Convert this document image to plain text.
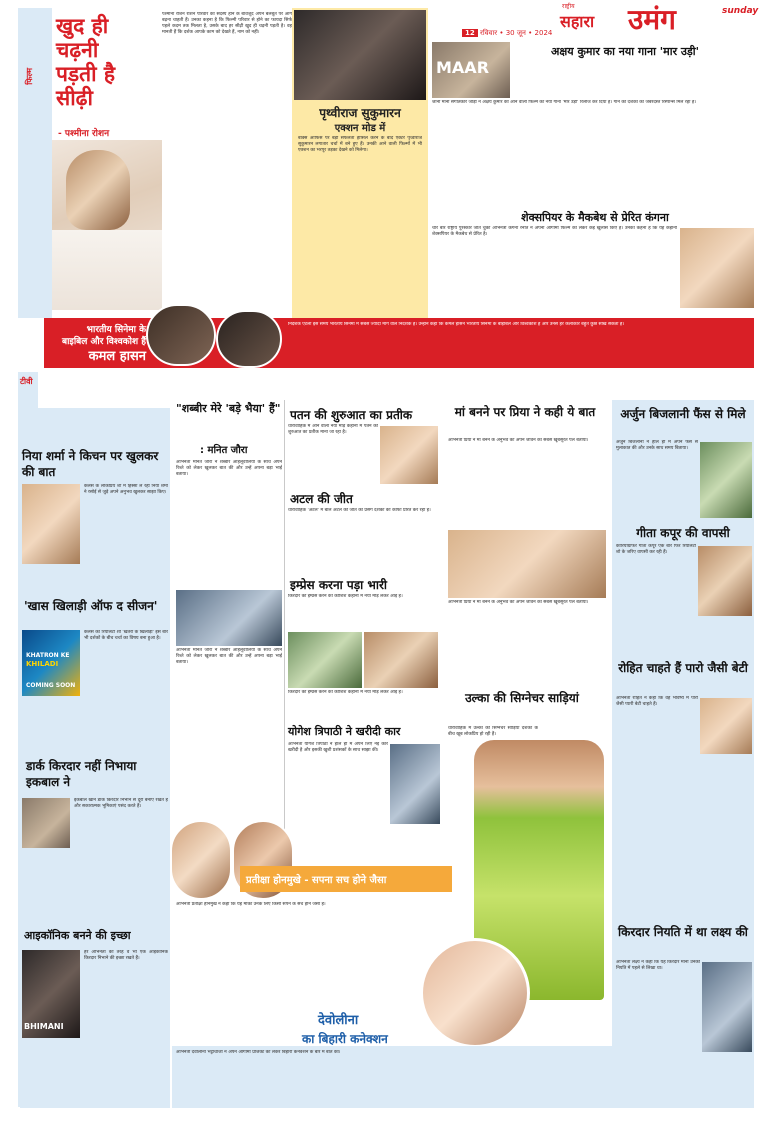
राष्ट्रीय
सहारा उमंग	sunday
12 रविवार • 30 जून • 2024
फिल्म
खुद ही चढ़नी पड़ती है सीढ़ी
- पश्मीना रोशन
पश्मीना रोशन रोशन परिवार की सदस्य होने के बावजूद अपने बलबूते पर आगे बढ़ना चाहती हैं। उनका कहना है कि फिल्मी परिवार से होने का फायदा सिर्फ पहले कदम तक मिलता है, उसके बाद हर सीढ़ी खुद ही चढ़नी पड़ती है। वह मानती हैं कि दर्शक आपके काम को देखते हैं, नाम को नहीं।
पृथ्वीराज सुकुमारन
एक्शन मोड में
बॉक्स ऑफिस पर बड़ी सफलता हासिल करने के बाद एक्टर पृथ्वीराज सुकुमारन लगातार चर्चा में बने हुए हैं। उनकी आने वाली फिल्मों में भी एक्शन का भरपूर तड़का देखने को मिलेगा।
MAAR
अक्षय कुमार का नया गाना 'मार उड़ी'
जानी मानी संगीतकार जोड़ी ने अक्षय कुमार की आने वाली फिल्म का नया गाना 'मार उड़ी' रिलीज कर दिया है। गाने को दर्शकों का जबरदस्त रिस्पॉन्स मिल रहा है।
शेक्सपियर के मैकबेथ से प्रेरित कंगना
चार बार राष्ट्रीय पुरस्कार जीत चुकीं अभिनेत्री कंगना रनौत ने अपनी आगामी फिल्म को लेकर कई खुलासे किए हैं। उनका कहना है कि यह कहानी शेक्सपियर के मैकबेथ से प्रेरित है।
भारतीय सिनेमा के
बाइबिल और विश्वकोश हैं
कमल हासन
निर्देशक एटली इस समय भारतीय सिनेमा में सबसे ज्यादा मांग वाले निर्देशक हैं। उन्होंने कहा कि कमल हासन भारतीय सिनेमा के बाइबिल और विश्वकोश हैं और उनसे हर कलाकार बहुत कुछ सीख सकता है।
टीवी
निया शर्मा ने किचन पर खुलकर की बात
कलर्स के लोकप्रिय शो में हिस्सा ले रहीं निया शर्मा ने रसोई से जुड़े अपने अनुभव खुलकर साझा किए।
'खास खिलाड़ी ऑफ द सीजन'
KHATRON KE
KHILADI
COMING SOON
कलर्स का रियलिटी शो 'खतरों के खिलाड़ी' इस बार भी दर्शकों के बीच चर्चा का विषय बना हुआ है।
डार्क किरदार नहीं निभाया इकबाल ने
इकबाल खान डार्क किरदार निभाने से दूरी बनाए रखते हैं और सकारात्मक भूमिकाएं पसंद करते हैं।
आइकॉनिक बनने की इच्छा
BHIMANI
हर अभिनेता की तरह वे भी एक आइकॉनिक किरदार निभाने की इच्छा रखते हैं।
"शब्बीर मेरे 'बड़े भैया' हैं"
: मनित जौरा
अभिनेता मनित जौरा ने शब्बीर आहलूवालिया के साथ अपने रिश्ते को लेकर खुलकर बात की और उन्हें अपना बड़ा भाई बताया।
अभिनेता मनित जौरा ने शब्बीर आहलूवालिया के साथ अपने रिश्ते को लेकर खुलकर बात की और उन्हें अपना बड़ा भाई बताया।
पतन की शुरुआत का प्रतीक
धारावाहिक में आने वाला नया मोड़ कहानी में पतन की शुरुआत का प्रतीक माना जा रहा है।
अटल की जीत
धारावाहिक 'अटल' में बाल अटल की जीत का प्रसंग दर्शकों को काफी प्रेरित कर रहा है।
इम्प्रेस करना पड़ा भारी
किरदार को इम्प्रेस करने की कोशिश कहानी में नया मोड़ लेकर आई है।
किरदार को इम्प्रेस करने की कोशिश कहानी में नया मोड़ लेकर आई है।
योगेश त्रिपाठी ने खरीदी कार
अभिनेता योगेश त्रिपाठी ने हाल ही में अपने लिए नई कार खरीदी है और इसकी खुशी प्रशंसकों के साथ साझा की।
प्रतीक्षा होनमुखे - सपना सच होने जैसा
अभिनेत्री प्रतीक्षा होनमुखे ने कहा कि यह मौका उनके लिए किसी सपने के सच होने जैसा है।
मां बनने पर प्रिया ने कही ये बात
अभिनेत्री प्रिया ने मां बनने के अनुभव को अपने जीवन का सबसे खूबसूरत पल बताया।
अभिनेत्री प्रिया ने मां बनने के अनुभव को अपने जीवन का सबसे खूबसूरत पल बताया।
उल्का की सिग्नेचर साड़ियां
धारावाहिक में उल्का की सिग्नेचर साड़ियां दर्शकों के बीच खूब लोकप्रिय हो रही हैं।
देवोलीना
का बिहारी कनेक्शन
अभिनेत्री देवोलीना भट्टाचार्जी ने अपने आगामी प्रोजेक्ट को लेकर बिहारी कनेक्शन के बारे में बात की।
अर्जुन बिजलानी फैंस से मिले
अर्जुन बिजलानी ने हाल ही में अपने फैंस से मुलाकात की और उनके साथ समय बिताया।
गीता कपूर की वापसी
कोरियोग्राफर गीता कपूर एक बार फिर रियलिटी शो के जरिए वापसी कर रही हैं।
रोहित चाहते हैं पारो जैसी बेटी
अभिनेता रोहित ने कहा कि वह भविष्य में पारो जैसी प्यारी बेटी चाहते हैं।
किरदार नियति में था लक्ष्य की
अभिनेता लक्ष्य ने कहा कि यह किरदार मानो उनकी नियति में पहले से लिखा था।
